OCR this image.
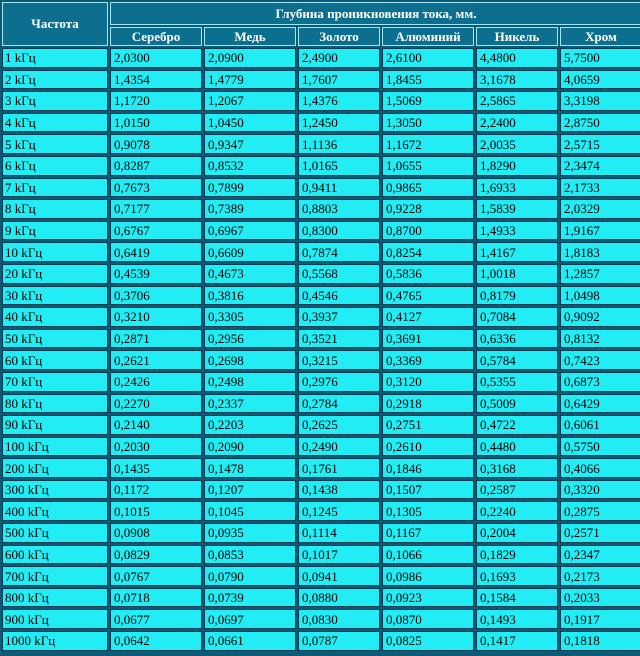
Частота	Глубина проникновения тока, мм.					
	Серебро	Медь	Золото	Алюминий	Никель	Хром
1 kГц	2,0300	2,0900	2,4900	2,6100	4,4800	5,7500
2 kГц	1,4354	1,4779	1,7607	1,8455	3,1678	4,0659
3 kГц	1,1720	1,2067	1,4376	1,5069	2,5865	3,3198
4 kГц	1,0150	1,0450	1,2450	1,3050	2,2400	2,8750
5 kГц	0,9078	0,9347	1,1136	1,1672	2,0035	2,5715
6 kГц	0,8287	0,8532	1,0165	1,0655	1,8290	2,3474
7 kГц	0,7673	0,7899	0,9411	0,9865	1,6933	2,1733
8 kГц	0,7177	0,7389	0,8803	0,9228	1,5839	2,0329
9 kГц	0,6767	0,6967	0,8300	0,8700	1,4933	1,9167
10 kГц	0,6419	0,6609	0,7874	0,8254	1,4167	1,8183
20 kГц	0,4539	0,4673	0,5568	0,5836	1,0018	1,2857
30 kГц	0,3706	0,3816	0,4546	0,4765	0,8179	1,0498
40 kГц	0,3210	0,3305	0,3937	0,4127	0,7084	0,9092
50 kГц	0,2871	0,2956	0,3521	0,3691	0,6336	0,8132
60 kГц	0,2621	0,2698	0,3215	0,3369	0,5784	0,7423
70 kГц	0,2426	0,2498	0,2976	0,3120	0,5355	0,6873
80 kГц	0,2270	0,2337	0,2784	0,2918	0,5009	0,6429
90 kГц	0,2140	0,2203	0,2625	0,2751	0,4722	0,6061
100 kГц	0,2030	0,2090	0,2490	0,2610	0,4480	0,5750
200 kГц	0,1435	0,1478	0,1761	0,1846	0,3168	0,4066
300 kГц	0,1172	0,1207	0,1438	0,1507	0,2587	0,3320
400 kГц	0,1015	0,1045	0,1245	0,1305	0,2240	0,2875
500 kГц	0,0908	0,0935	0,1114	0,1167	0,2004	0,2571
600 kГц	0,0829	0,0853	0,1017	0,1066	0,1829	0,2347
700 kГц	0,0767	0,0790	0,0941	0,0986	0,1693	0,2173
800 kГц	0,0718	0,0739	0,0880	0,0923	0,1584	0,2033
900 kГц	0,0677	0,0697	0,0830	0,0870	0,1493	0,1917
1000 kГц	0,0642	0,0661	0,0787	0,0825	0,1417	0,1818
